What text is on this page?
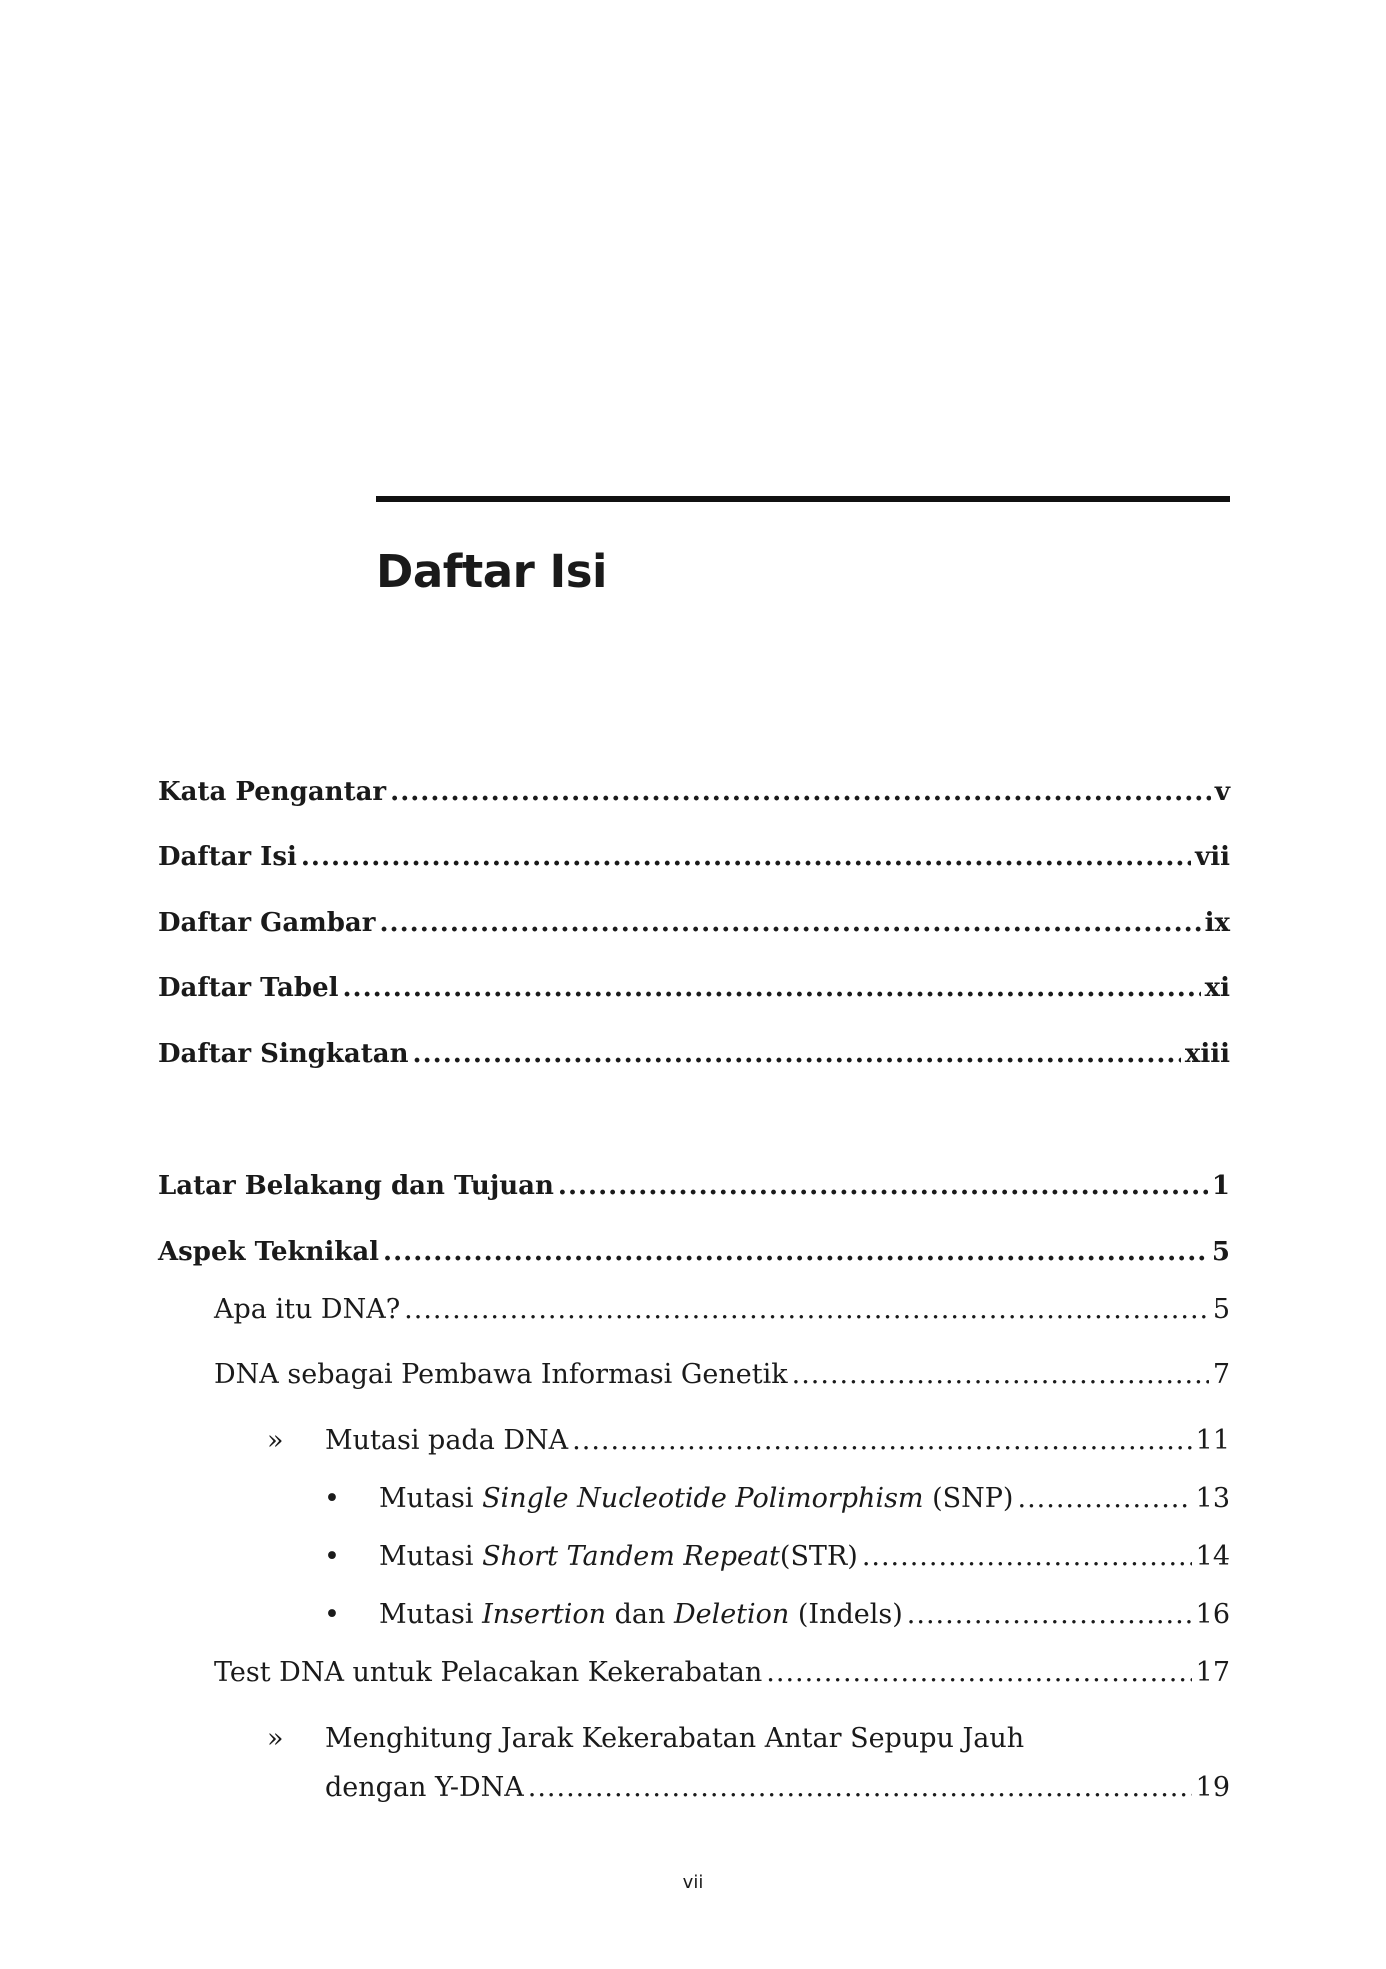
Daftar Isi
Kata Pengantar .....	v
Daftar Isi .....	vii
Daftar Gambar .....	ix
Daftar Tabel .....	xi
Daftar Singkatan .....	xiii
Latar Belakang dan Tujuan .....	1
Aspek Teknikal .....	5
Apa itu DNA? .....	5
DNA sebagai Pembawa Informasi Genetik .....	7
» Mutasi pada DNA .....	11
• Mutasi Single Nucleotide Polimorphism (SNP) .....	13
• Mutasi Short Tandem Repeat(STR) .....	14
• Mutasi Insertion dan Deletion (Indels) .....	16
Test DNA untuk Pelacakan Kekerabatan .....	17
» Menghitung Jarak Kekerabatan Antar Sepupu Jauh
dengan Y-DNA .....	19
vii
